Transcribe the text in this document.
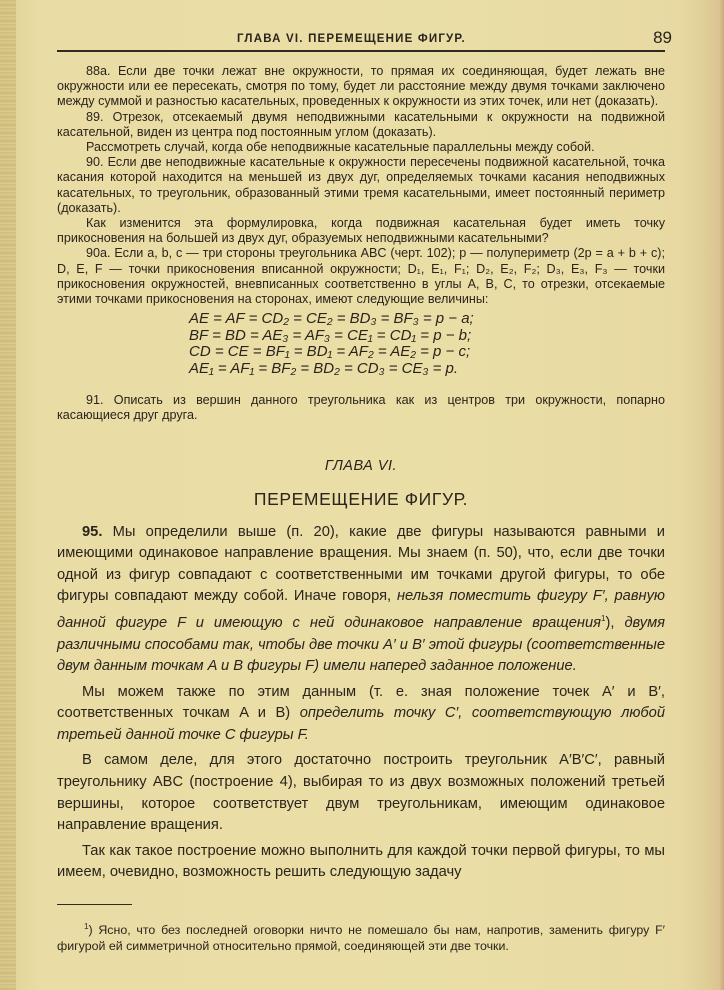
ГЛАВА VI. ПЕРЕМЕЩЕНИЕ ФИГУР.	89

88а. Если две точки лежат вне окружности, то прямая их соединяющая, будет лежать вне окружности или ее пересекать, смотря по тому, будет ли расстояние между двумя точками заключено между суммой и разностью касательных, проведенных к окружности из этих точек, или нет (доказать).

89. Отрезок, отсекаемый двумя неподвижными касательными к окружности на подвижной касательной, виден из центра под постоянным углом (доказать).

Рассмотреть случай, когда обе неподвижные касательные параллельны между собой.

90. Если две неподвижные касательные к окружности пересечены подвижной касательной, точка касания которой находится на меньшей из двух дуг, определяемых точками касания неподвижных касательных, то треугольник, образованный этими тремя касательными, имеет постоянный периметр (доказать).

Как изменится эта формулировка, когда подвижная касательная будет иметь точку прикосновения на большей из двух дуг, образуемых неподвижными касательными?

90а. Если a, b, c — три стороны треугольника ABC (черт. 102); p — полупериметр (2p = a + b + c); D, E, F — точки прикосновения вписанной окружности; D₁, E₁, F₁; D₂, E₂, F₂; D₃, E₃, F₃ — точки прикосновения окружностей, вневписанных соответственно в углы A, B, C, то отрезки, отсекаемые этими точками прикосновения на сторонах, имеют следующие величины:

AE = AF = CD₂ = CE₂ = BD₃ = BF₃ = p − a;
BF = BD = AE₃ = AF₃ = CE₁ = CD₁ = p − b;
CD = CE = BF₁ = BD₁ = AF₂ = AE₂ = p − c;
AE₁ = AF₁ = BF₂ = BD₂ = CD₃ = CE₃ = p.

91. Описать из вершин данного треугольника как из центров три окружности, попарно касающиеся друг друга.

ГЛАВА VI.
ПЕРЕМЕЩЕНИЕ ФИГУР.

95. Мы определили выше (п. 20), какие две фигуры называются равными и имеющими одинаковое направление вращения. Мы знаем (п. 50), что, если две точки одной из фигур совпадают с соответственными им точками другой фигуры, то обе фигуры совпадают между собой. Иначе говоря, нельзя поместить фигуру F′, равную данной фигуре F и имеющую с ней одинаковое направление вращения$^1$), двумя различными способами так, чтобы две точки A′ и B′ этой фигуры (соответственные двум данным точкам A и B фигуры F) имели наперед заданное положение.

Мы можем также по этим данным (т. е. зная положение точек A′ и B′, соответственных точкам A и B) определить точку C′, соответствующую любой третьей данной точке C фигуры F.

В самом деле, для этого достаточно построить треугольник A′B′C′, равный треугольнику ABC (построение 4), выбирая то из двух возможных положений третьей вершины, которое соответствует двум треугольникам, имеющим одинаковое направление вращения.

Так как такое построение можно выполнить для каждой точки первой фигуры, то мы имеем, очевидно, возможность решить следующую задачу

$^1$) Ясно, что без последней оговорки ничто не помешало бы нам, напротив, заменить фигуру F′ фигурой ей симметричной относительно прямой, соединяющей эти две точки.
